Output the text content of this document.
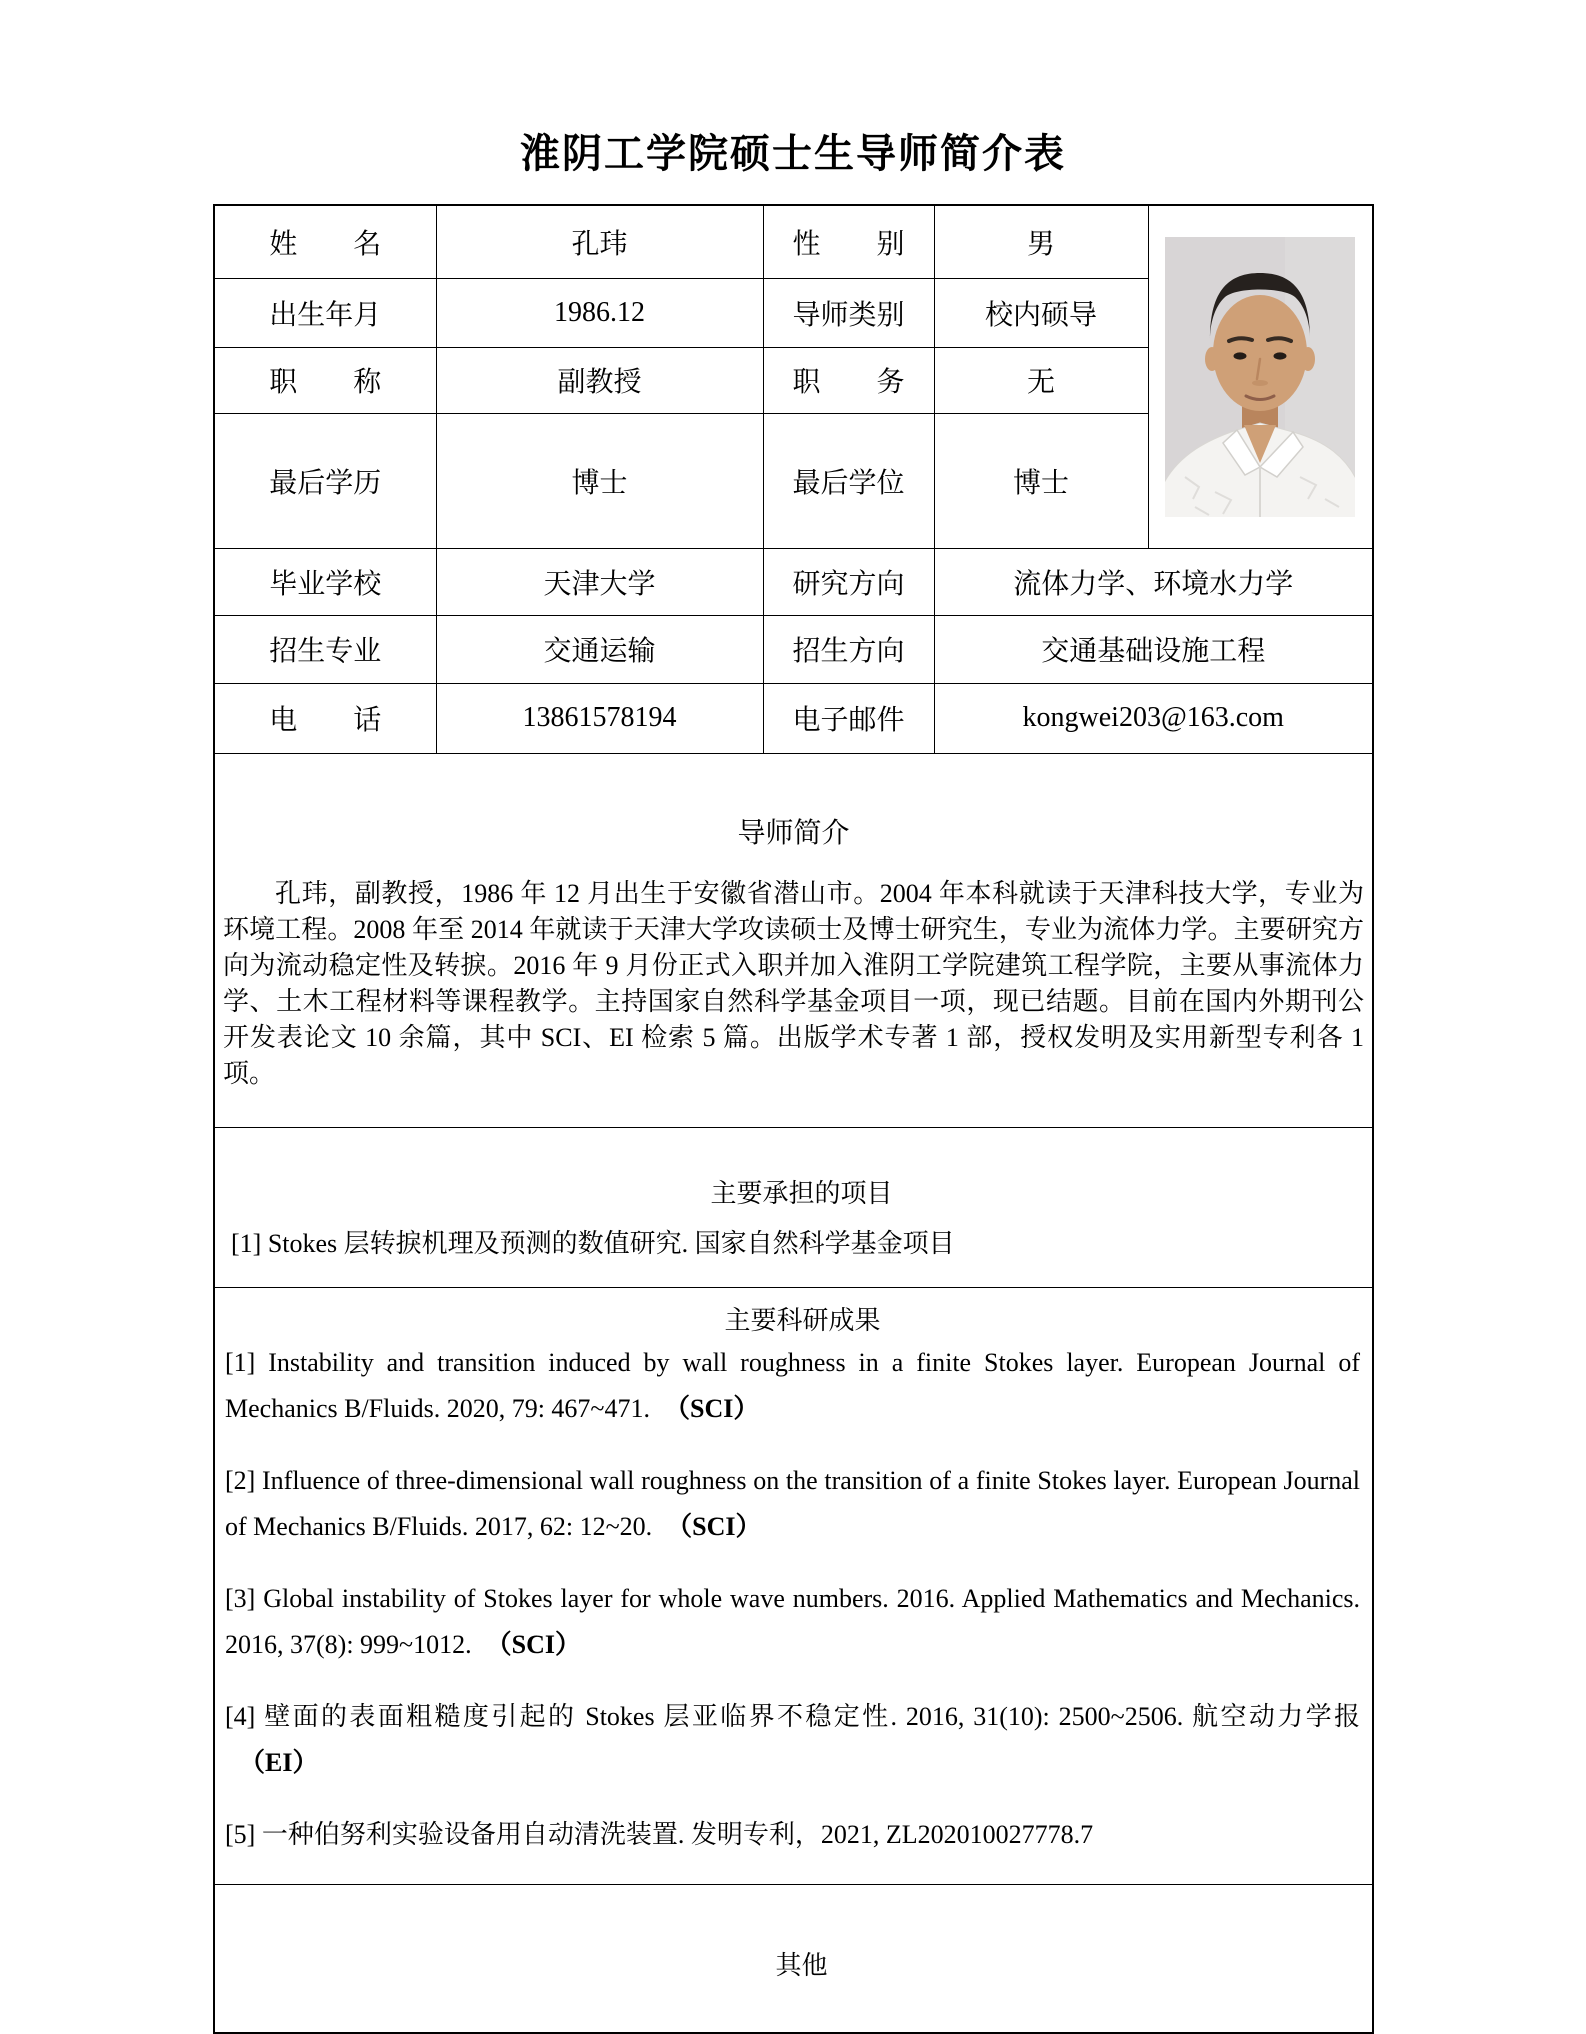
淮阴工学院硕士生导师简介表
姓　　名	孔玮	性　　别	男	

出生年月	1986.12	导师类别	校内硕导	
职　　称	副教授	职　　务	无	
最后学历	博士	最后学位	博士	
毕业学校	天津大学	研究方向	流体力学、环境水力学	
招生专业	交通运输	招生方向	交通基础设施工程	
电　　话	13861578194	电子邮件	kongwei203@163.com	

导师简介

孔玮，副教授，1986 年 12 月出生于安徽省潜山市。2004 年本科就读于天津科技大学，专业为环境工程。2008 年至 2014 年就读于天津大学攻读硕士及博士研究生，专业为流体力学。主要研究方向为流动稳定性及转捩。2016 年 9 月份正式入职并加入淮阴工学院建筑工程学院，主要从事流体力学、土木工程材料等课程教学。主持国家自然科学基金项目一项，现已结题。目前在国内外期刊公开发表论文 10 余篇，其中 SCI、EI 检索 5 篇。出版学术专著 1 部，授权发明及实用新型专利各 1 项。				

主要承担的项目
[1] Stokes 层转捩机理及预测的数值研究. 国家自然科学基金项目				

主要科研成果

[1] Instability and transition induced by wall roughness in a finite Stokes layer. European Journal of Mechanics B/Fluids. 2020, 79: 467~471. （SCI）

[2] Influence of three-dimensional wall roughness on the transition of a finite Stokes layer. European Journal of Mechanics B/Fluids. 2017, 62: 12~20. （SCI）

[3] Global instability of Stokes layer for whole wave numbers. 2016. Applied Mathematics and Mechanics. 2016, 37(8): 999~1012. （SCI）

[4] 壁面的表面粗糙度引起的 Stokes 层亚临界不稳定性. 2016, 31(10): 2500~2506. 航空动力学报（EI）

[5] 一种伯努利实验设备用自动清洗装置. 发明专利，2021, ZL202010027778.7

其他				
